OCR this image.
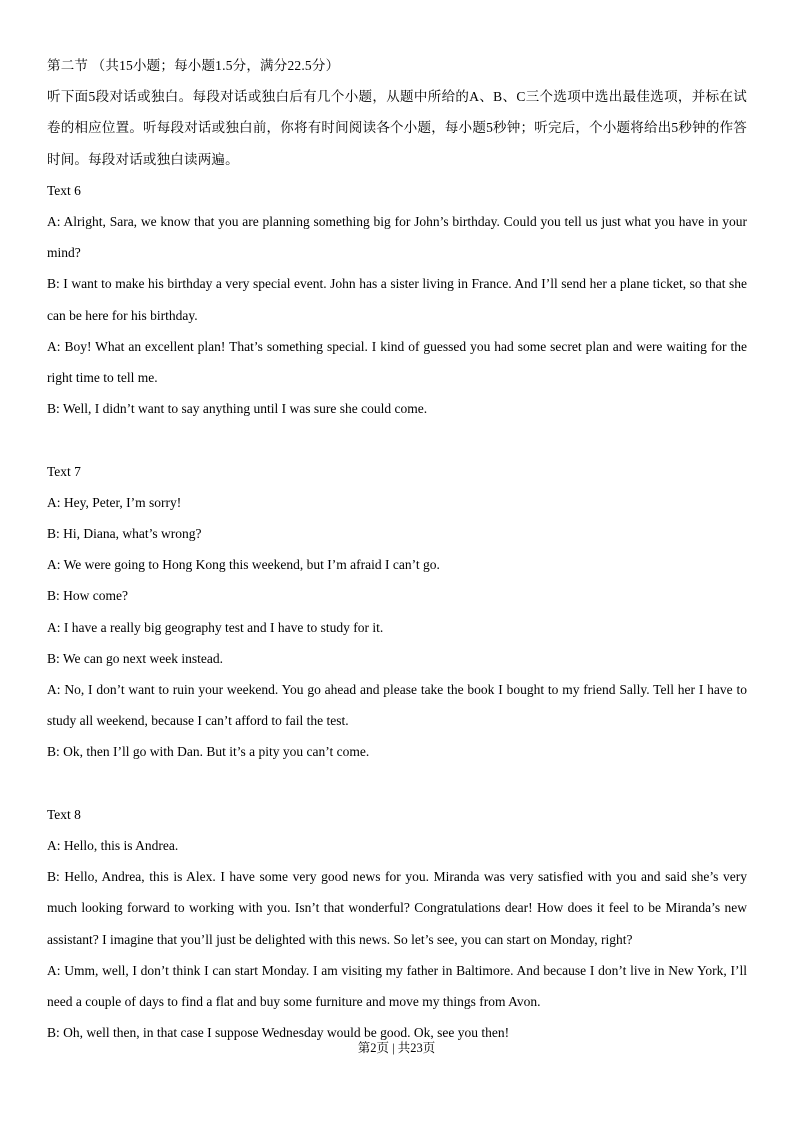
第二节 （共15小题；每小题1.5分，满分22.5分）
听下面5段对话或独白。每段对话或独白后有几个小题，从题中所给的A、B、C三个选项中选出最佳选项，并标在试卷的相应位置。听每段对话或独白前，你将有时间阅读各个小题，每小题5秒钟；听完后，个小题将给出5秒钟的作答时间。每段对话或独白读两遍。
Text 6
A: Alright, Sara, we know that you are planning something big for John’s birthday. Could you tell us just what you have in your mind?
B: I want to make his birthday a very special event. John has a sister living in France. And I’ll send her a plane ticket, so that she can be here for his birthday.
A: Boy! What an excellent plan! That’s something special. I kind of guessed you had some secret plan and were waiting for the right time to tell me.
B: Well, I didn’t want to say anything until I was sure she could come.
Text 7
A: Hey, Peter, I’m sorry!
B: Hi, Diana, what’s wrong?
A: We were going to Hong Kong this weekend, but I’m afraid I can’t go.
B: How come?
A: I have a really big geography test and I have to study for it.
B: We can go next week instead.
A: No, I don’t want to ruin your weekend. You go ahead and please take the book I bought to my friend Sally. Tell her I have to study all weekend, because I can’t afford to fail the test.
B: Ok, then I’ll go with Dan. But it’s a pity you can’t come.
Text 8
A: Hello, this is Andrea.
B: Hello, Andrea, this is Alex. I have some very good news for you. Miranda was very satisfied with you and said she’s very much looking forward to working with you. Isn’t that wonderful? Congratulations dear! How does it feel to be Miranda’s new assistant? I imagine that you’ll just be delighted with this news. So let’s see, you can start on Monday, right?
A: Umm, well, I don’t think I can start Monday. I am visiting my father in Baltimore. And because I don’t live in New York, I’ll need a couple of days to find a flat and buy some furniture and move my things from Avon.
B: Oh, well then, in that case I suppose Wednesday would be good. Ok, see you then!
第2页 | 共23页
